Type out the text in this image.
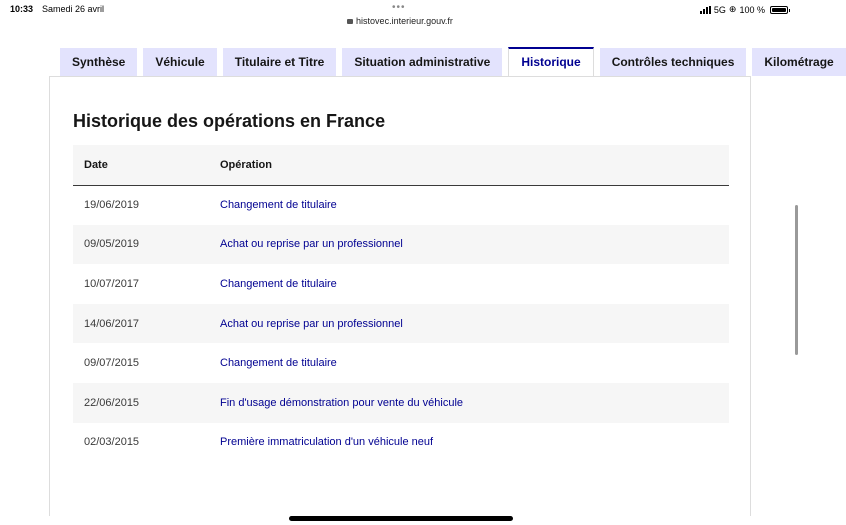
10:33 Samedi 26 avril	•••
histovec.interieur.gouv.fr
5G ⊕ 100 %
Synthèse	Véhicule	Titulaire et Titre	Situation administrative	Historique	Contrôles techniques	Kilométrage
Historique des opérations en France
Date	Opération
19/06/2019	Changement de titulaire
09/05/2019	Achat ou reprise par un professionnel
10/07/2017	Changement de titulaire
14/06/2017	Achat ou reprise par un professionnel
09/07/2015	Changement de titulaire
22/06/2015	Fin d'usage démonstration pour vente du véhicule
02/03/2015	Première immatriculation d'un véhicule neuf
